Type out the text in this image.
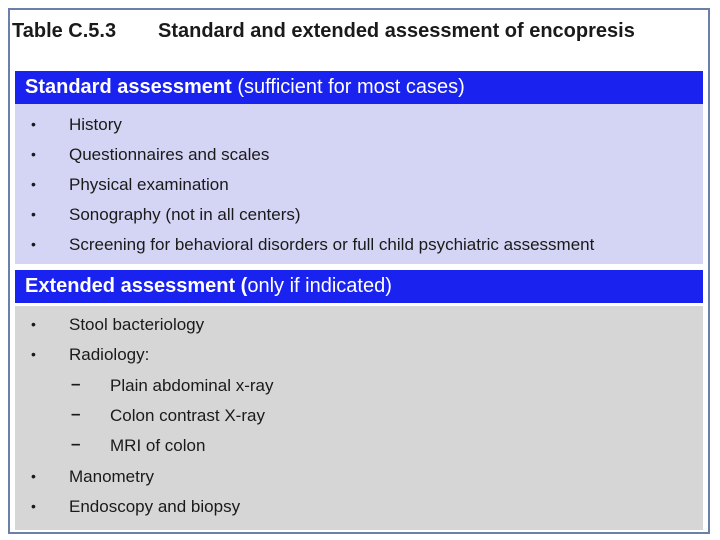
Table C.5.3 Standard and extended assessment of encopresis
Standard assessment (sufficient for most cases)
• History
• Questionnaires and scales
• Physical examination
• Sonography (not in all centers)
• Screening for behavioral disorders or full child psychiatric assessment
Extended assessment (only if indicated)
• Stool bacteriology
• Radiology:
– Plain abdominal x-ray
– Colon contrast X-ray
– MRI of colon
• Manometry
• Endoscopy and biopsy
